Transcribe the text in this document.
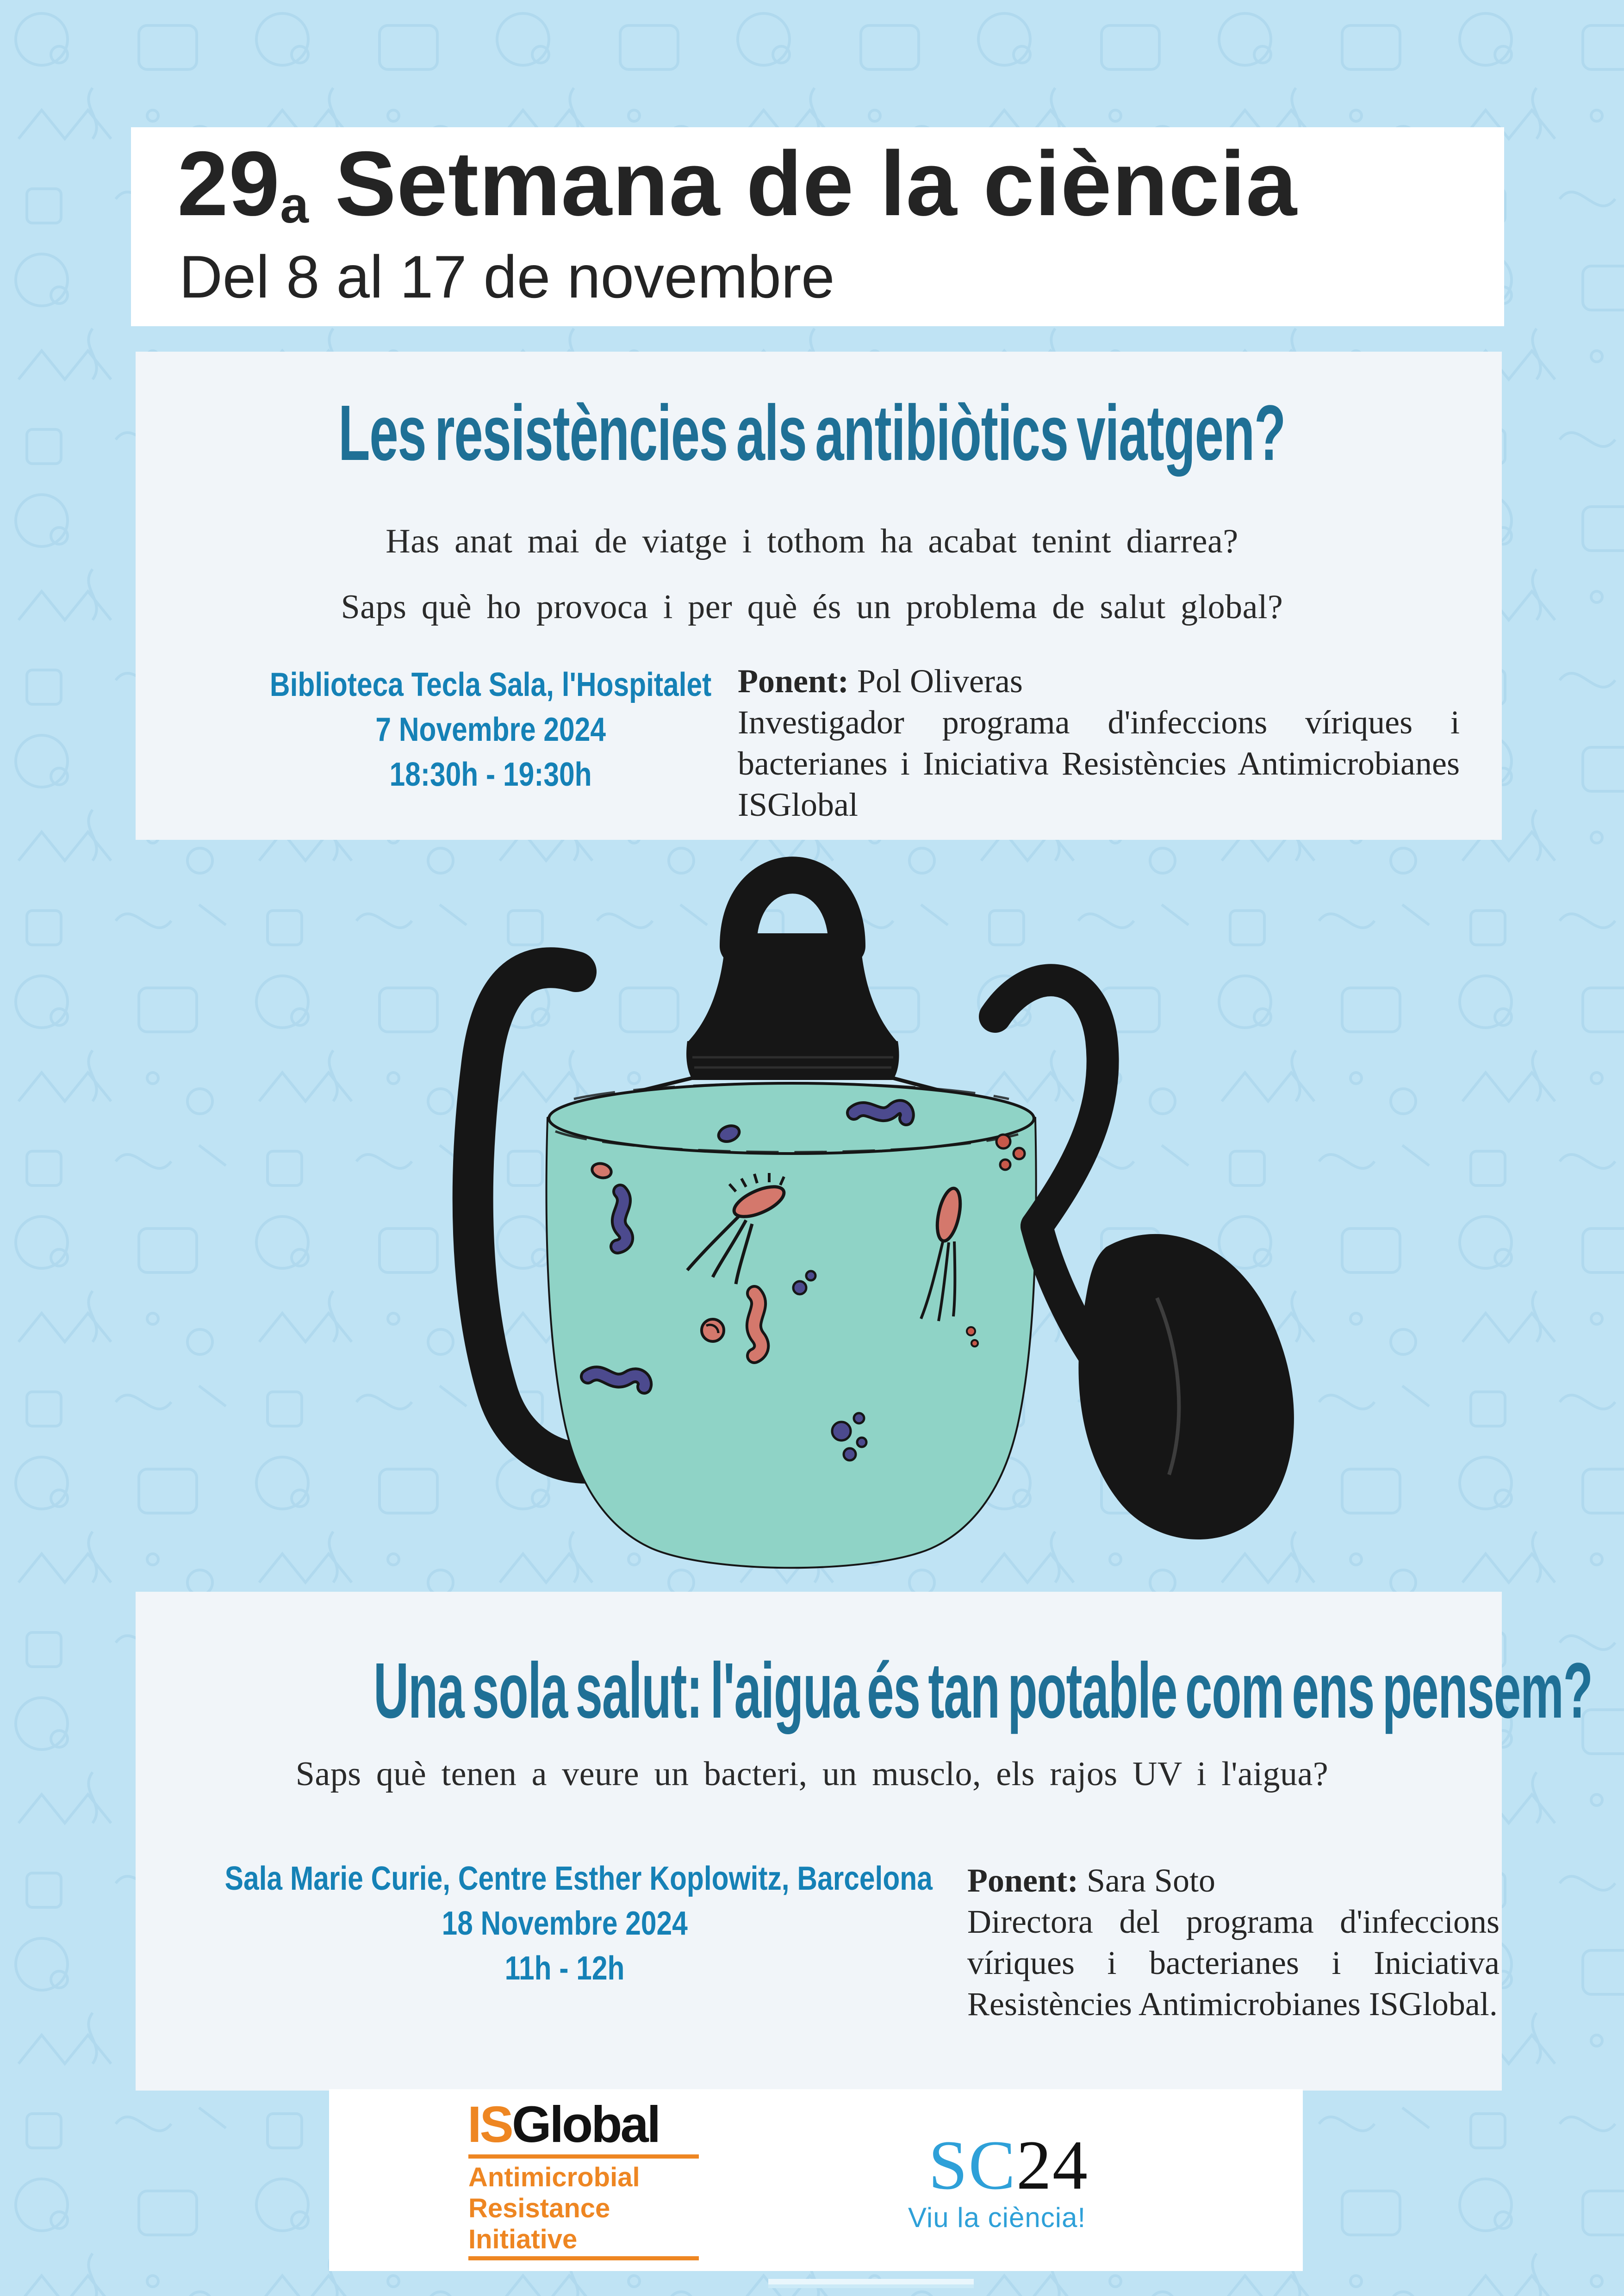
29a Setmana de la ciència
Del 8 al 17 de novembre
Les resistències als antibiòtics viatgen?
Has anat mai de viatge i tothom ha acabat tenint diarrea?
Saps què ho provoca i per què és un problema de salut global?
Biblioteca Tecla Sala, l'Hospitalet
7 Novembre 2024
18:30h - 19:30h
Ponent: Pol Oliveras

Investigador programa d'infeccions víriques i bacterianes i Iniciativa Resistències Antimicrobianes ISGlobal

Una sola salut: l'aigua és tan potable com ens pensem?
Saps què tenen a veure un bacteri, un musclo, els rajos UV i l'aigua?
Sala Marie Curie, Centre Esther Koplowitz, Barcelona
18 Novembre 2024
11h - 12h
Ponent: Sara Soto

Directora del programa d'infeccions víriques i bacterianes i Iniciativa Resistències Antimicrobianes ISGlobal.

ISGlobal
Antimicrobial
Resistance
Initiative
SC24
Viu la ciència!
